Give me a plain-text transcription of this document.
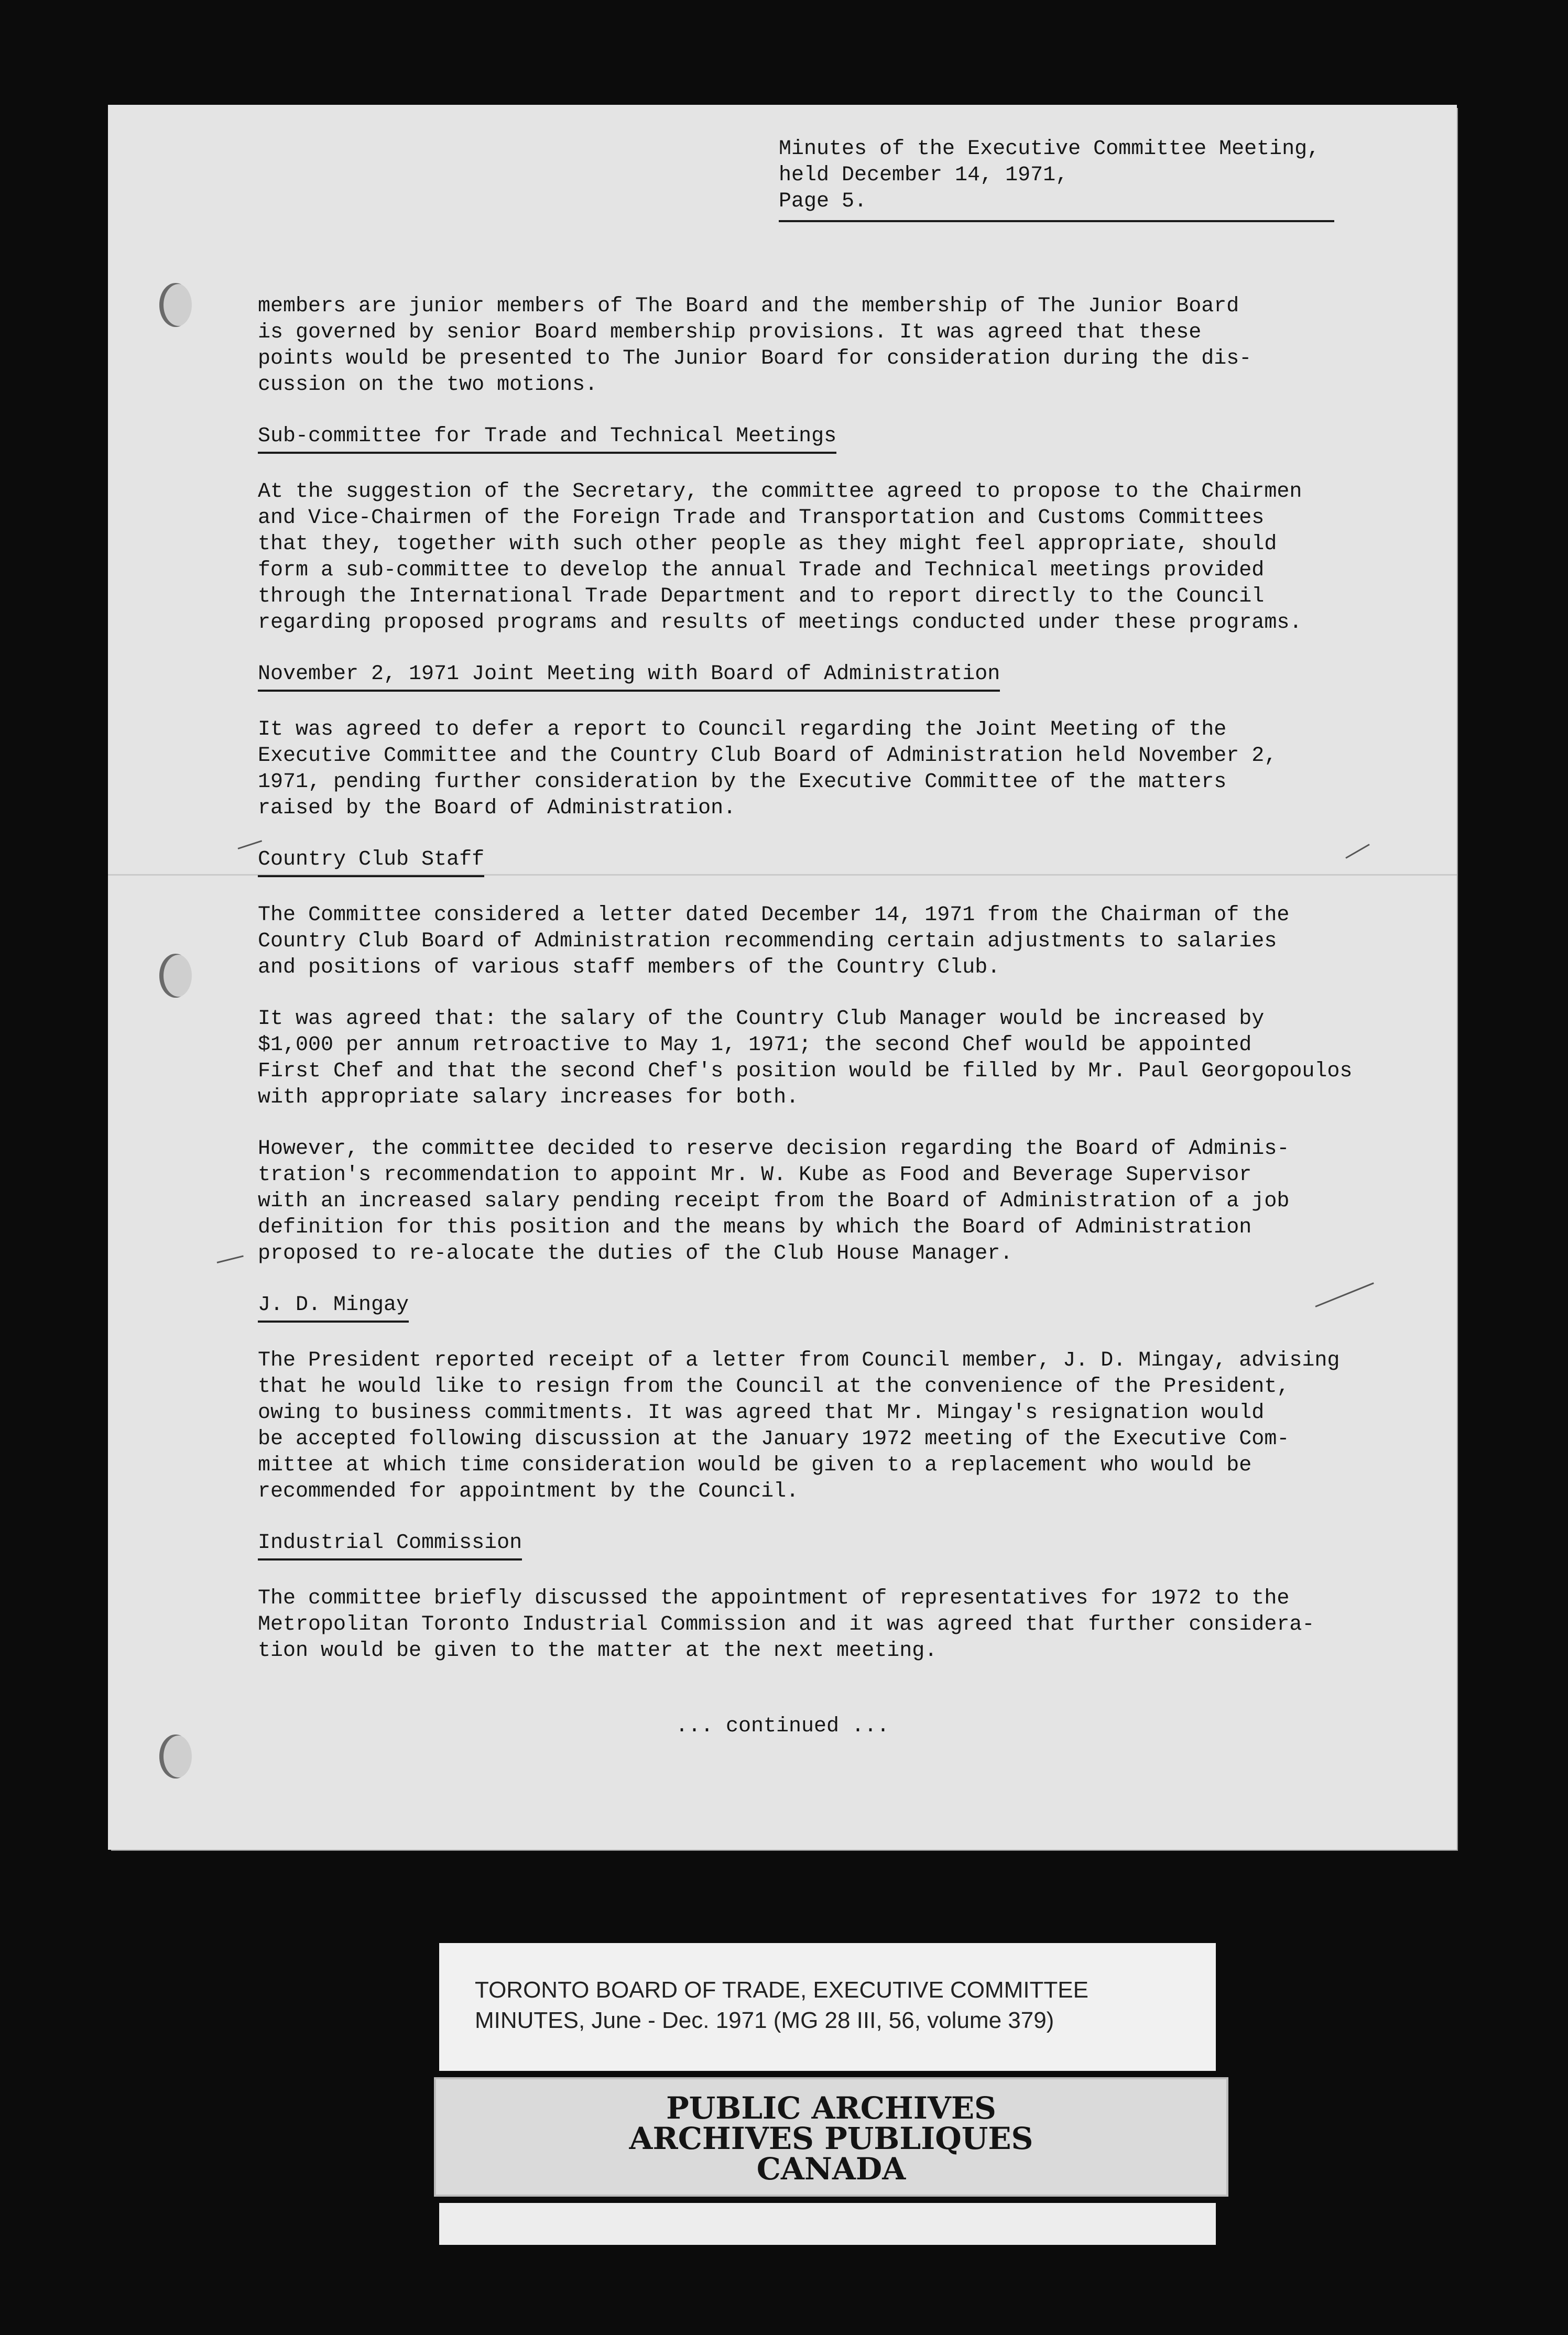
Minutes of the Executive Committee Meeting,
held December 14, 1971,
Page 5.

members are junior members of The Board and the membership of The Junior Board
is governed by senior Board membership provisions. It was agreed that these
points would be presented to The Junior Board for consideration during the dis-
cussion on the two motions.

Sub-committee for Trade and Technical Meetings

At the suggestion of the Secretary, the committee agreed to propose to the Chairmen
and Vice-Chairmen of the Foreign Trade and Transportation and Customs Committees
that they, together with such other people as they might feel appropriate, should
form a sub-committee to develop the annual Trade and Technical meetings provided
through the International Trade Department and to report directly to the Council
regarding proposed programs and results of meetings conducted under these programs.

November 2, 1971 Joint Meeting with Board of Administration

It was agreed to defer a report to Council regarding the Joint Meeting of the
Executive Committee and the Country Club Board of Administration held November 2,
1971, pending further consideration by the Executive Committee of the matters
raised by the Board of Administration.

Country Club Staff

The Committee considered a letter dated December 14, 1971 from the Chairman of the
Country Club Board of Administration recommending certain adjustments to salaries
and positions of various staff members of the Country Club.

It was agreed that: the salary of the Country Club Manager would be increased by
$1,000 per annum retroactive to May 1, 1971; the second Chef would be appointed
First Chef and that the second Chef's position would be filled by Mr. Paul Georgopoulos
with appropriate salary increases for both.

However, the committee decided to reserve decision regarding the Board of Adminis-
tration's recommendation to appoint Mr. W. Kube as Food and Beverage Supervisor
with an increased salary pending receipt from the Board of Administration of a job
definition for this position and the means by which the Board of Administration
proposed to re-alocate the duties of the Club House Manager.

J. D. Mingay

The President reported receipt of a letter from Council member, J. D. Mingay, advising
that he would like to resign from the Council at the convenience of the President,
owing to business commitments. It was agreed that Mr. Mingay's resignation would
be accepted following discussion at the January 1972 meeting of the Executive Com-
mittee at which time consideration would be given to a replacement who would be
recommended for appointment by the Council.

Industrial Commission

The committee briefly discussed the appointment of representatives for 1972 to the
Metropolitan Toronto Industrial Commission and it was agreed that further considera-
tion would be given to the matter at the next meeting.

... continued ...
TORONTO BOARD OF TRADE, EXECUTIVE COMMITTEE
MINUTES, June - Dec. 1971 (MG 28 III, 56, volume 379)
PUBLIC ARCHIVES
ARCHIVES PUBLIQUES
CANADA
